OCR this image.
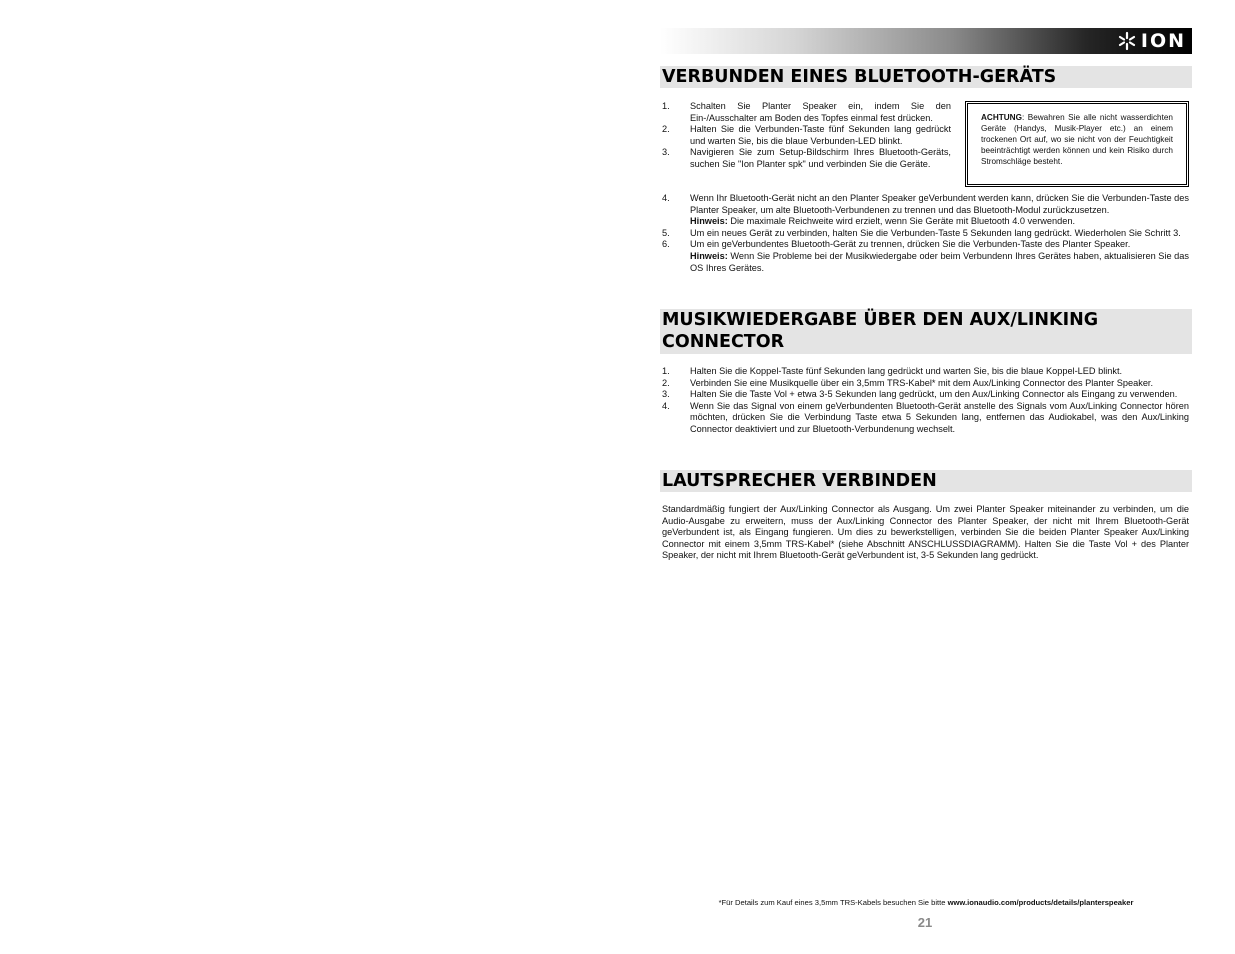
ION
VERBUNDEN EINES BLUETOOTH-GERÄTS
1. Schalten Sie Planter Speaker ein, indem Sie den Ein-/Ausschalter am Boden des Topfes einmal fest drücken.
2. Halten Sie die Verbunden-Taste fünf Sekunden lang gedrückt und warten Sie, bis die blaue Verbunden-LED blinkt.
3. Navigieren Sie zum Setup-Bildschirm Ihres Bluetooth-Geräts, suchen Sie "Ion Planter spk" und verbinden Sie die Geräte.
ACHTUNG: Bewahren Sie alle nicht wasserdichten Geräte (Handys, Musik-Player etc.) an einem trockenen Ort auf, wo sie nicht von der Feuchtigkeit beeinträchtigt werden können und kein Risiko durch Stromschläge besteht.
4. Wenn Ihr Bluetooth-Gerät nicht an den Planter Speaker geVerbundent werden kann, drücken Sie die Verbunden-Taste des Planter Speaker, um alte Bluetooth-Verbundenen zu trennen und das Bluetooth-Modul zurückzusetzen.
Hinweis: Die maximale Reichweite wird erzielt, wenn Sie Geräte mit Bluetooth 4.0 verwenden.
5. Um ein neues Gerät zu verbinden, halten Sie die Verbunden-Taste 5 Sekunden lang gedrückt. Wiederholen Sie Schritt 3.
6. Um ein geVerbundentes Bluetooth-Gerät zu trennen, drücken Sie die Verbunden-Taste des Planter Speaker.
Hinweis: Wenn Sie Probleme bei der Musikwiedergabe oder beim Verbundenn Ihres Gerätes haben, aktualisieren Sie das OS Ihres Gerätes.
MUSIKWIEDERGABE ÜBER DEN AUX/LINKING CONNECTOR
1. Halten Sie die Koppel-Taste fünf Sekunden lang gedrückt und warten Sie, bis die blaue Koppel-LED blinkt.
2. Verbinden Sie eine Musikquelle über ein 3,5mm TRS-Kabel* mit dem Aux/Linking Connector des Planter Speaker.
3. Halten Sie die Taste Vol + etwa 3-5 Sekunden lang gedrückt, um den Aux/Linking Connector als Eingang zu verwenden.
4. Wenn Sie das Signal von einem geVerbundenten Bluetooth-Gerät anstelle des Signals vom Aux/Linking Connector hören möchten, drücken Sie die Verbindung Taste etwa 5 Sekunden lang, entfernen das Audiokabel, was den Aux/Linking Connector deaktiviert und zur Bluetooth-Verbundenung wechselt.
LAUTSPRECHER VERBINDEN

Standardmäßig fungiert der Aux/Linking Connector als Ausgang. Um zwei Planter Speaker miteinander zu verbinden, um die Audio-Ausgabe zu erweitern, muss der Aux/Linking Connector des Planter Speaker, der nicht mit Ihrem Bluetooth-Gerät geVerbundent ist, als Eingang fungieren. Um dies zu bewerkstelligen, verbinden Sie die beiden Planter Speaker Aux/Linking Connector mit einem 3,5mm TRS-Kabel* (siehe Abschnitt ANSCHLUSSDIAGRAMM). Halten Sie die Taste Vol + des Planter Speaker, der nicht mit Ihrem Bluetooth-Gerät geVerbundent ist, 3-5 Sekunden lang gedrückt.

*Für Details zum Kauf eines 3,5mm TRS-Kabels besuchen Sie bitte www.ionaudio.com/products/details/planterspeaker
21
